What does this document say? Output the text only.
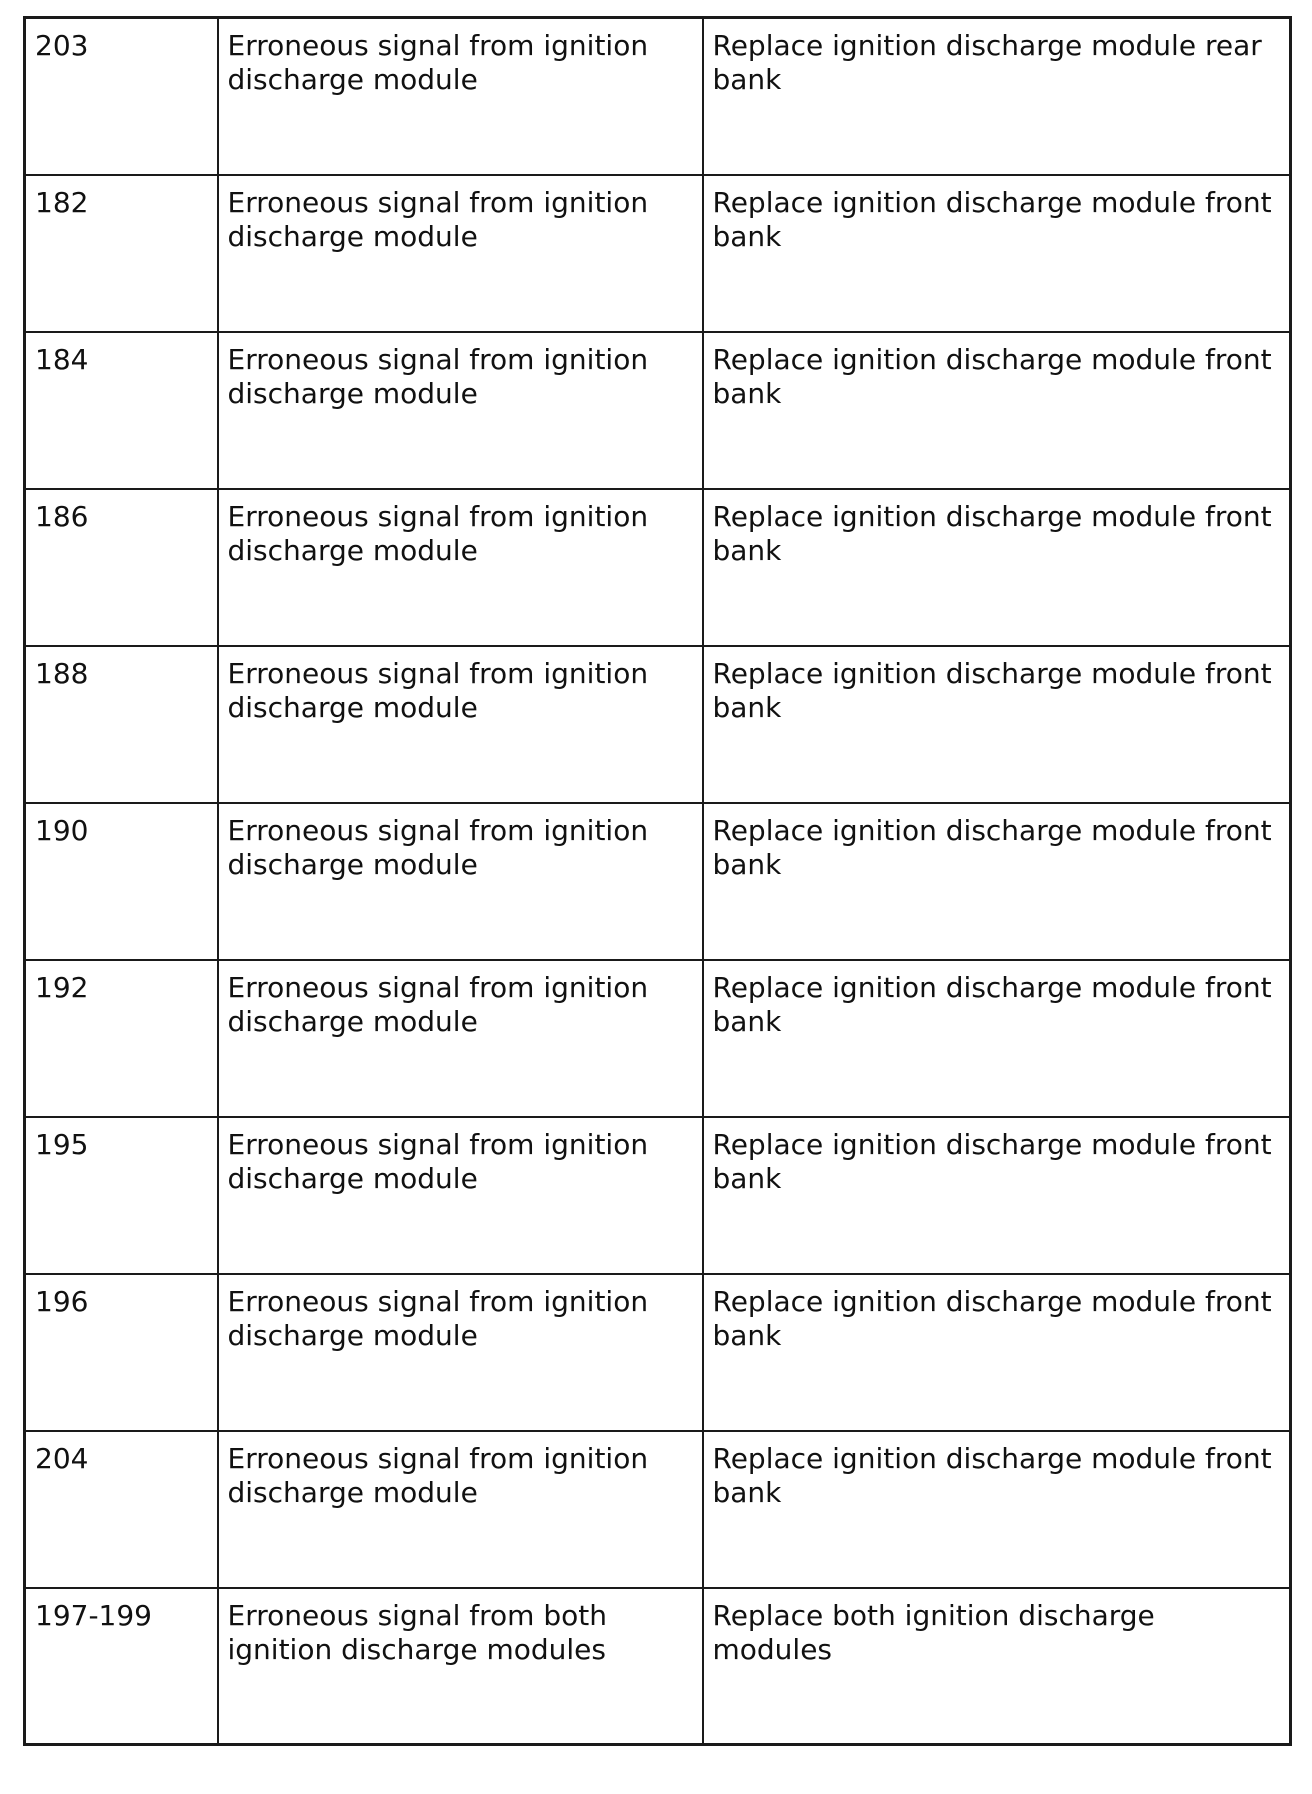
203	Erroneous signal from ignition discharge module	Replace ignition discharge module rear bank
182	Erroneous signal from ignition discharge module	Replace ignition discharge module front bank
184	Erroneous signal from ignition discharge module	Replace ignition discharge module front bank
186	Erroneous signal from ignition discharge module	Replace ignition discharge module front bank
188	Erroneous signal from ignition discharge module	Replace ignition discharge module front bank
190	Erroneous signal from ignition discharge module	Replace ignition discharge module front bank
192	Erroneous signal from ignition discharge module	Replace ignition discharge module front bank
195	Erroneous signal from ignition discharge module	Replace ignition discharge module front bank
196	Erroneous signal from ignition discharge module	Replace ignition discharge module front bank
204	Erroneous signal from ignition discharge module	Replace ignition discharge module front bank
197-199	Erroneous signal from both ignition discharge modules	Replace both ignition discharge modules
